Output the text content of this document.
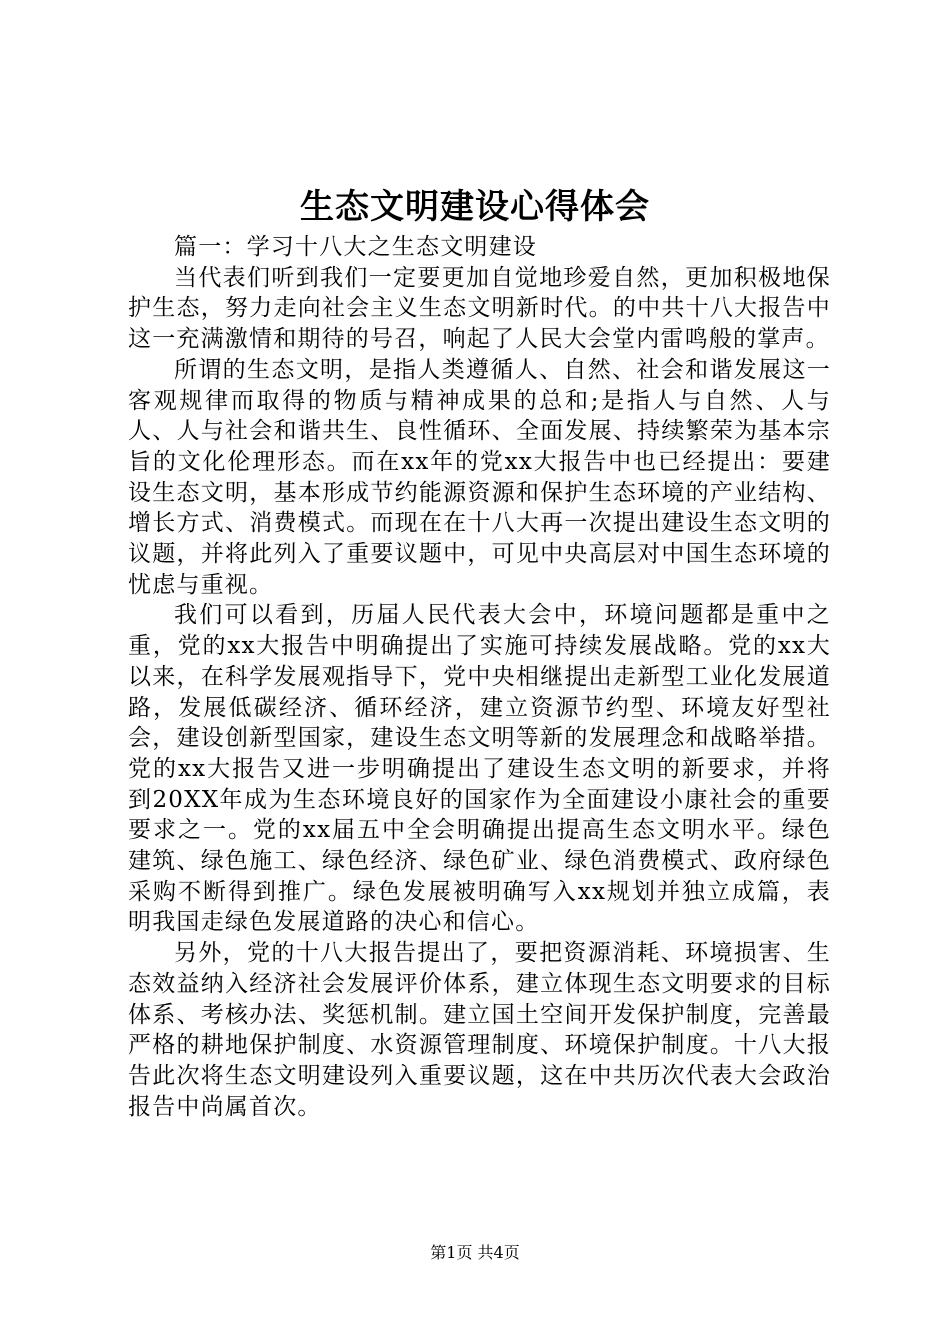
生态文明建设心得体会

篇一：学习十八大之生态文明建设

当代表们听到我们一定要更加自觉地珍爱自然，更加积极地保护生态，努力走向社会主义生态文明新时代。的中共十八大报告中这一充满激情和期待的号召，响起了人民大会堂内雷鸣般的掌声。

所谓的生态文明，是指人类遵循人、自然、社会和谐发展这一客观规律而取得的物质与精神成果的总和;是指人与自然、人与人、人与社会和谐共生、良性循环、全面发展、持续繁荣为基本宗旨的文化伦理形态。而在xx年的党xx大报告中也已经提出：要建设生态文明，基本形成节约能源资源和保护生态环境的产业结构、增长方式、消费模式。而现在在十八大再一次提出建设生态文明的议题，并将此列入了重要议题中，可见中央高层对中国生态环境的忧虑与重视。

我们可以看到，历届人民代表大会中，环境问题都是重中之重，党的xx大报告中明确提出了实施可持续发展战略。党的xx大以来，在科学发展观指导下，党中央相继提出走新型工业化发展道路，发展低碳经济、循环经济，建立资源节约型、环境友好型社会，建设创新型国家，建设生态文明等新的发展理念和战略举措。党的xx大报告又进一步明确提出了建设生态文明的新要求，并将到20XX年成为生态环境良好的国家作为全面建设小康社会的重要要求之一。党的xx届五中全会明确提出提高生态文明水平。绿色建筑、绿色施工、绿色经济、绿色矿业、绿色消费模式、政府绿色采购不断得到推广。绿色发展被明确写入xx规划并独立成篇，表明我国走绿色发展道路的决心和信心。

另外，党的十八大报告提出了，要把资源消耗、环境损害、生态效益纳入经济社会发展评价体系，建立体现生态文明要求的目标体系、考核办法、奖惩机制。建立国土空间开发保护制度，完善最严格的耕地保护制度、水资源管理制度、环境保护制度。十八大报告此次将生态文明建设列入重要议题，这在中共历次代表大会政治报告中尚属首次。

第1页 共4页
